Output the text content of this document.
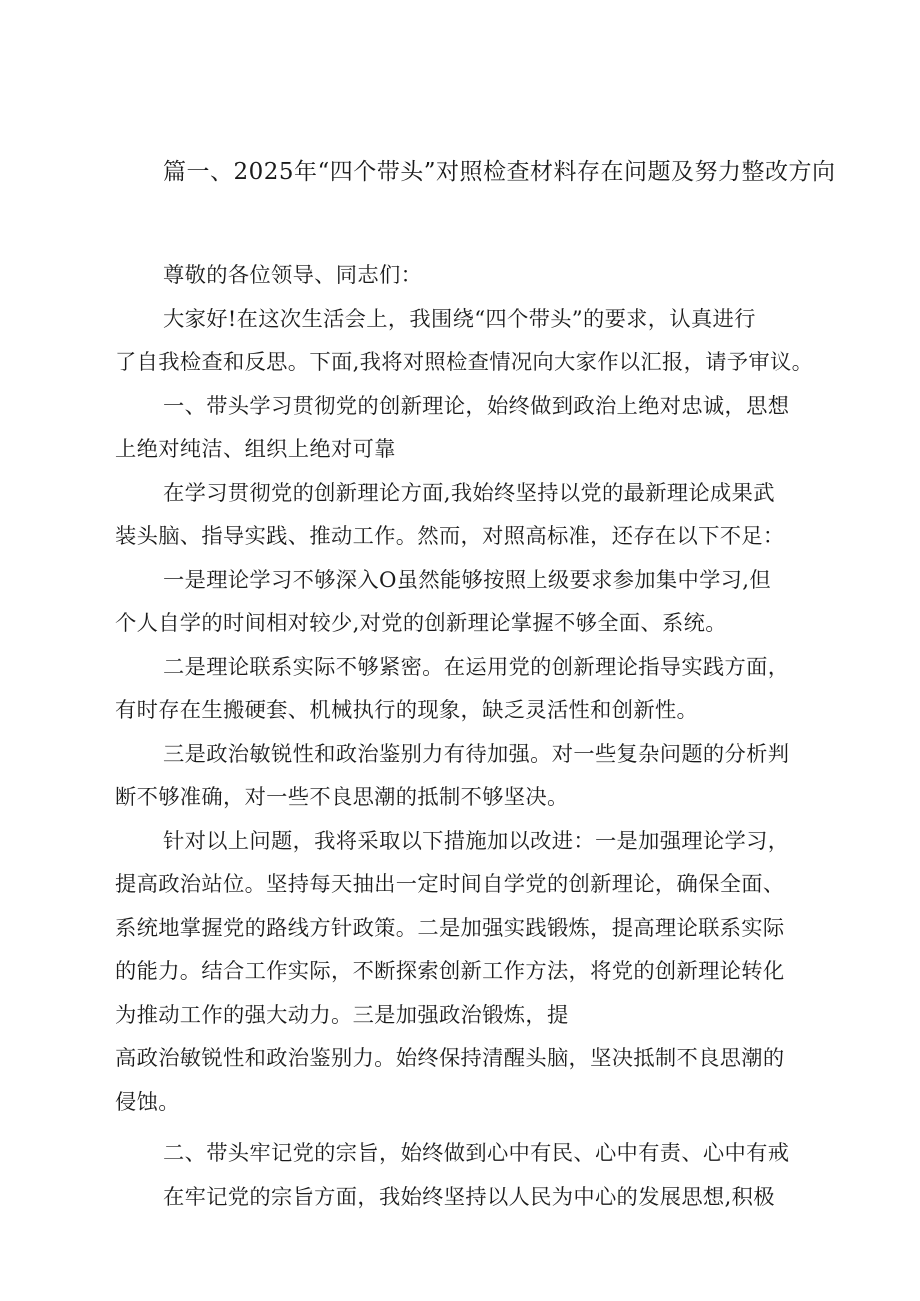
篇一、2025年“四个带头”对照检查材料存在问题及努力整改方向
尊敬的各位领导、同志们：
大家好!在这次生活会上，我围绕“四个带头”的要求，认真进行
了自我检查和反思。下面,我将对照检查情况向大家作以汇报，请予审议。
一、带头学习贯彻党的创新理论，始终做到政治上绝对忠诚，思想
上绝对纯洁、组织上绝对可靠
在学习贯彻党的创新理论方面,我始终坚持以党的最新理论成果武
装头脑、指导实践、推动工作。然而，对照高标准，还存在以下不足：
一是理论学习不够深入O虽然能够按照上级要求参加集中学习,但
个人自学的时间相对较少,对党的创新理论掌握不够全面、系统。
二是理论联系实际不够紧密。在运用党的创新理论指导实践方面，
有时存在生搬硬套、机械执行的现象，缺乏灵活性和创新性。
三是政治敏锐性和政治鉴别力有待加强。对一些复杂问题的分析判
断不够准确，对一些不良思潮的抵制不够坚决。
针对以上问题，我将采取以下措施加以改进：一是加强理论学习，
提高政治站位。坚持每天抽出一定时间自学党的创新理论，确保全面、
系统地掌握党的路线方针政策。二是加强实践锻炼，提高理论联系实际
的能力。结合工作实际，不断探索创新工作方法，将党的创新理论转化
为推动工作的强大动力。三是加强政治锻炼，提
高政治敏锐性和政治鉴别力。始终保持清醒头脑，坚决抵制不良思潮的
侵蚀。
二、带头牢记党的宗旨，始终做到心中有民、心中有责、心中有戒
在牢记党的宗旨方面，我始终坚持以人民为中心的发展思想,积极
